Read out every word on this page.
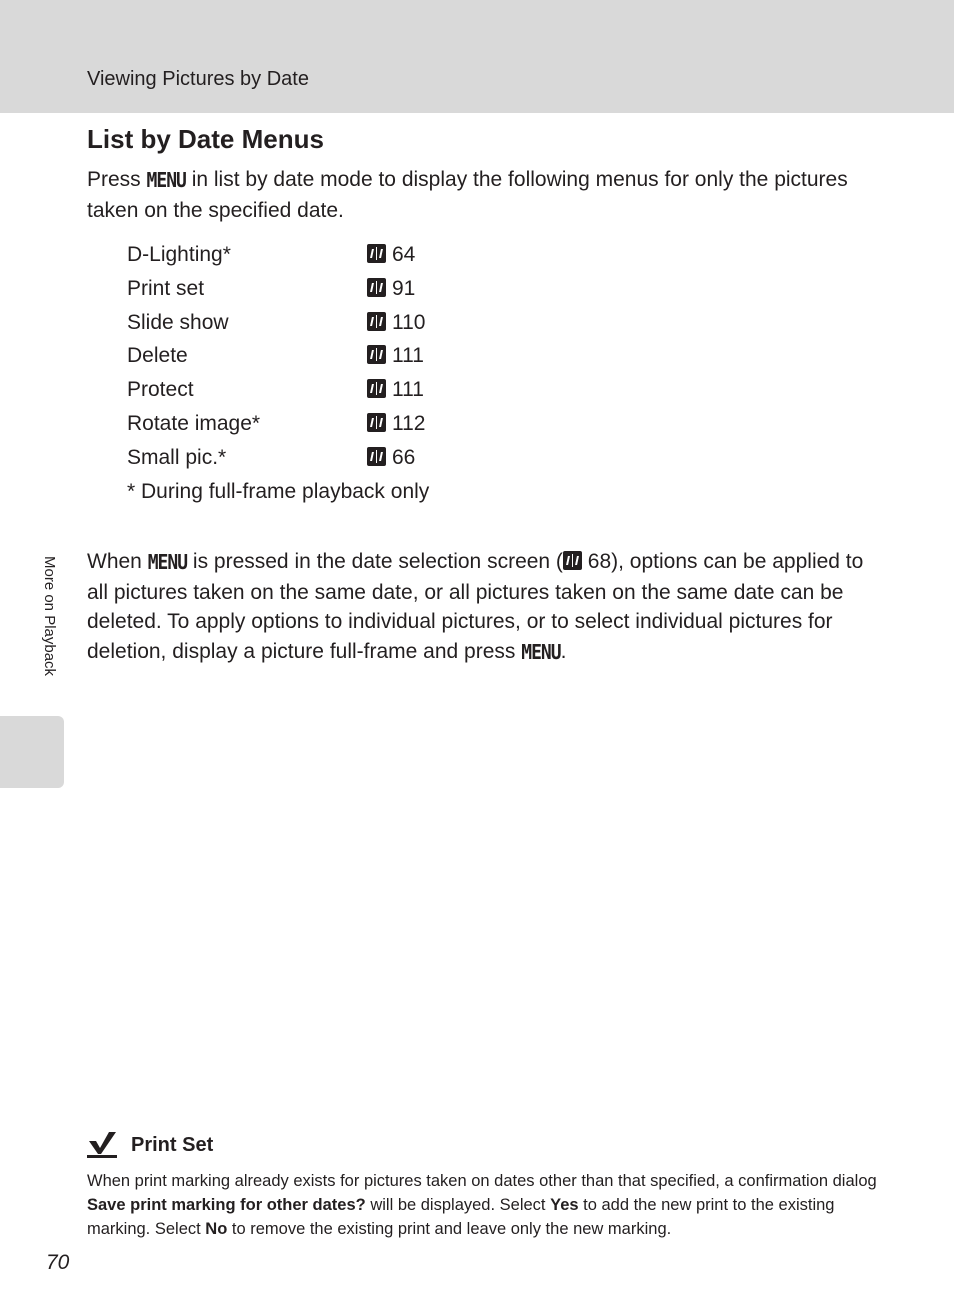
Viewing Pictures by Date
List by Date Menus

Press MENU in list by date mode to display the following menus for only the pictures taken on the specified date.

D-Lighting*	64
Print set	91
Slide show	110
Delete	111
Protect	111
Rotate image*	112
Small pic.*	66
* During full-frame playback only

When MENU is pressed in the date selection screen ( 68), options can be applied to all pictures taken on the same date, or all pictures taken on the same date can be deleted. To apply options to individual pictures, or to select individual pictures for deletion, display a picture full-frame and press MENU.

More on Playback
Print Set

When print marking already exists for pictures taken on dates other than that specified, a confirmation dialog Save print marking for other dates? will be displayed. Select Yes to add the new print to the existing marking. Select No to remove the existing print and leave only the new marking.

70
